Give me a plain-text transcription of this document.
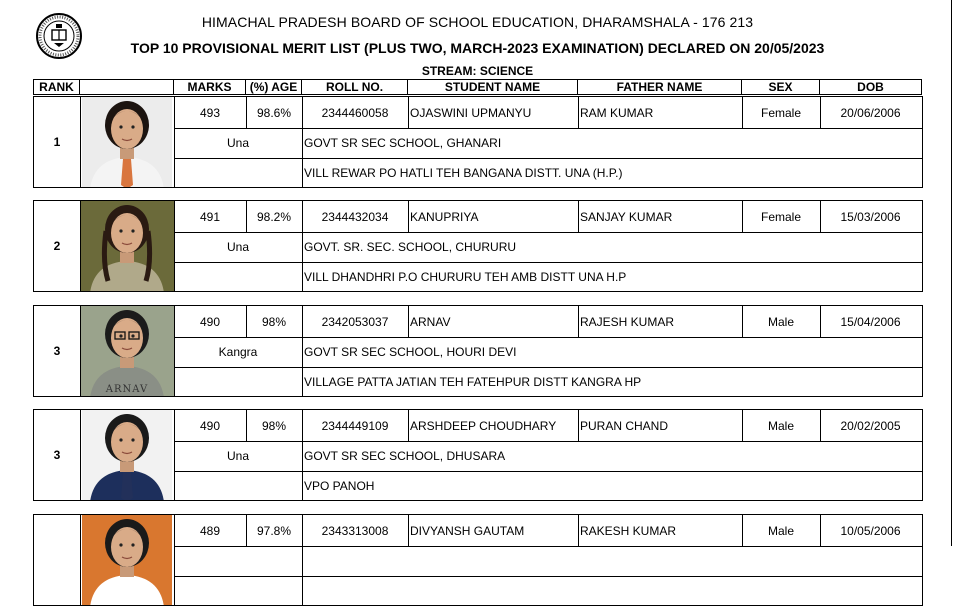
HIMACHAL PRADESH BOARD OF SCHOOL EDUCATION, DHARAMSHALA - 176 213
TOP 10 PROVISIONAL MERIT LIST (PLUS TWO, MARCH-2023 EXAMINATION) DECLARED ON 20/05/2023
STREAM: SCIENCE
RANK	MARKS	(%) AGE	ROLL NO.	STUDENT NAME	FATHER NAME	SEX	DOB
1
493	98.6%	2344460058	OJASWINI UPMANYU	RAM KUMAR	Female	20/06/2006
Una	GOVT SR SEC SCHOOL, GHANARI
VILL REWAR PO HATLI TEH BANGANA DISTT. UNA (H.P.)
2
491	98.2%	2344432034	KANUPRIYA	SANJAY KUMAR	Female	15/03/2006
Una	GOVT. SR. SEC. SCHOOL, CHURURU
VILL DHANDHRI P.O CHURURU TEH AMB DISTT UNA H.P
3
ARNAV
490	98%	2342053037	ARNAV	RAJESH KUMAR	Male	15/04/2006
Kangra	GOVT SR SEC SCHOOL, HOURI DEVI
VILLAGE PATTA JATIAN TEH FATEHPUR DISTT KANGRA HP
3
490	98%	2344449109	ARSHDEEP CHOUDHARY	PURAN CHAND	Male	20/02/2005
Una	GOVT SR SEC SCHOOL, DHUSARA
VPO PANOH
489	97.8%	2343313008	DIVYANSH GAUTAM	RAKESH KUMAR	Male	10/05/2006
